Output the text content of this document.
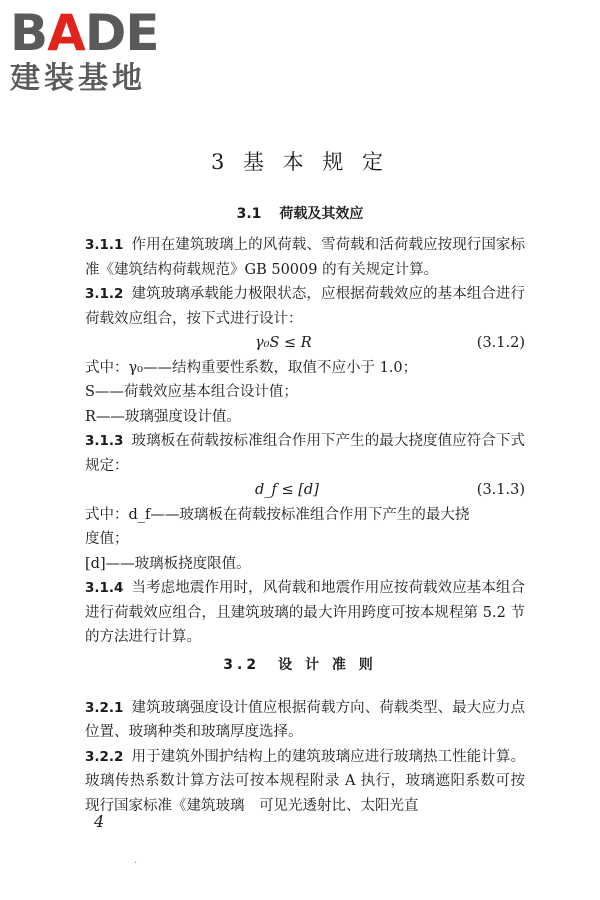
BADE
建装基地
3 基 本 规 定
3.1 荷载及其效应

3.1.1 作用在建筑玻璃上的风荷载、雪荷载和活荷载应按现行国家标准《建筑结构荷载规范》GB 50009 的有关规定计算。

3.1.2 建筑玻璃承载能力极限状态，应根据荷载效应的基本组合进行荷载效应组合，按下式进行设计：

γ₀S ≤ R	(3.1.2)

式中：γ₀——结构重要性系数，取值不应小于 1.0；

S——荷载效应基本组合设计值；

R——玻璃强度设计值。

3.1.3 玻璃板在荷载按标准组合作用下产生的最大挠度值应符合下式规定：

d_f ≤ [d]	(3.1.3)

式中：d_f——玻璃板在荷载按标准组合作用下产生的最大挠

度值；

[d]——玻璃板挠度限值。

3.1.4 当考虑地震作用时，风荷载和地震作用应按荷载效应基本组合进行荷载效应组合，且建筑玻璃的最大许用跨度可按本规程第 5.2 节的方法进行计算。

3.2.1 建筑玻璃强度设计值应根据荷载方向、荷载类型、最大应力点位置、玻璃种类和玻璃厚度选择。

3.2.2 用于建筑外围护结构上的建筑玻璃应进行玻璃热工性能计算。玻璃传热系数计算方法可按本规程附录 A 执行，玻璃遮阳系数可按现行国家标准《建筑玻璃　可见光透射比、太阳光直

3.2 设 计 准 则
4
·
